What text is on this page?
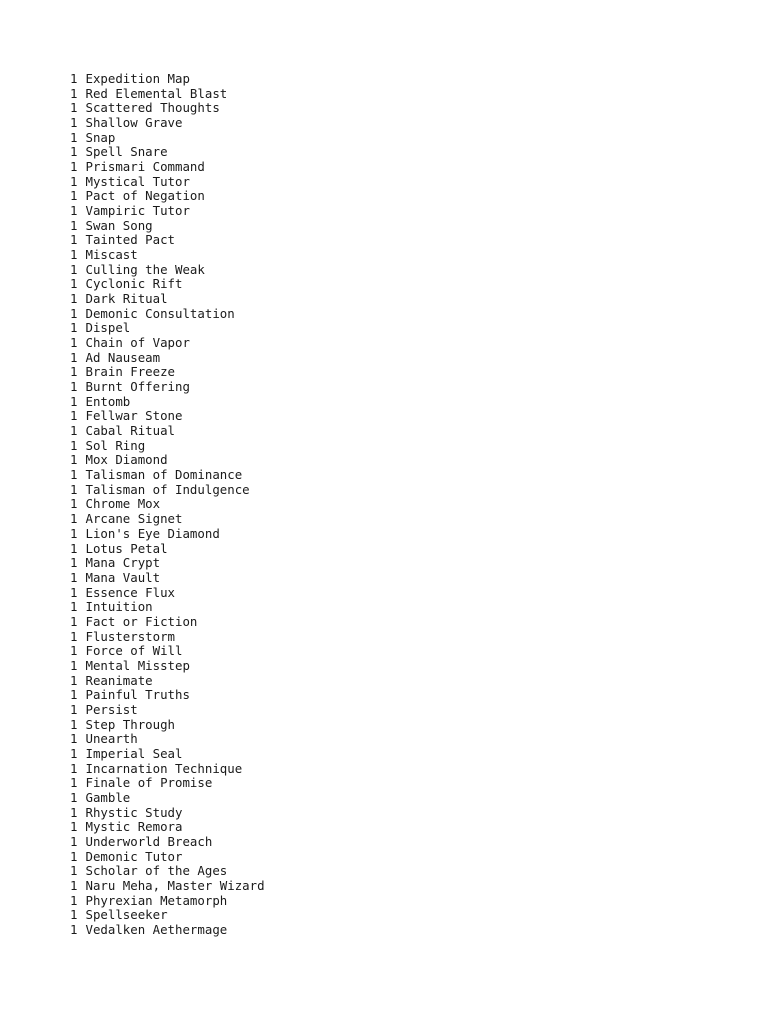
1 Expedition Map
1 Red Elemental Blast
1 Scattered Thoughts
1 Shallow Grave
1 Snap
1 Spell Snare
1 Prismari Command
1 Mystical Tutor
1 Pact of Negation
1 Vampiric Tutor
1 Swan Song
1 Tainted Pact
1 Miscast
1 Culling the Weak
1 Cyclonic Rift
1 Dark Ritual
1 Demonic Consultation
1 Dispel
1 Chain of Vapor
1 Ad Nauseam
1 Brain Freeze
1 Burnt Offering
1 Entomb
1 Fellwar Stone
1 Cabal Ritual
1 Sol Ring
1 Mox Diamond
1 Talisman of Dominance
1 Talisman of Indulgence
1 Chrome Mox
1 Arcane Signet
1 Lion's Eye Diamond
1 Lotus Petal
1 Mana Crypt
1 Mana Vault
1 Essence Flux
1 Intuition
1 Fact or Fiction
1 Flusterstorm
1 Force of Will
1 Mental Misstep
1 Reanimate
1 Painful Truths
1 Persist
1 Step Through
1 Unearth
1 Imperial Seal
1 Incarnation Technique
1 Finale of Promise
1 Gamble
1 Rhystic Study
1 Mystic Remora
1 Underworld Breach
1 Demonic Tutor
1 Scholar of the Ages
1 Naru Meha, Master Wizard
1 Phyrexian Metamorph
1 Spellseeker
1 Vedalken Aethermage
